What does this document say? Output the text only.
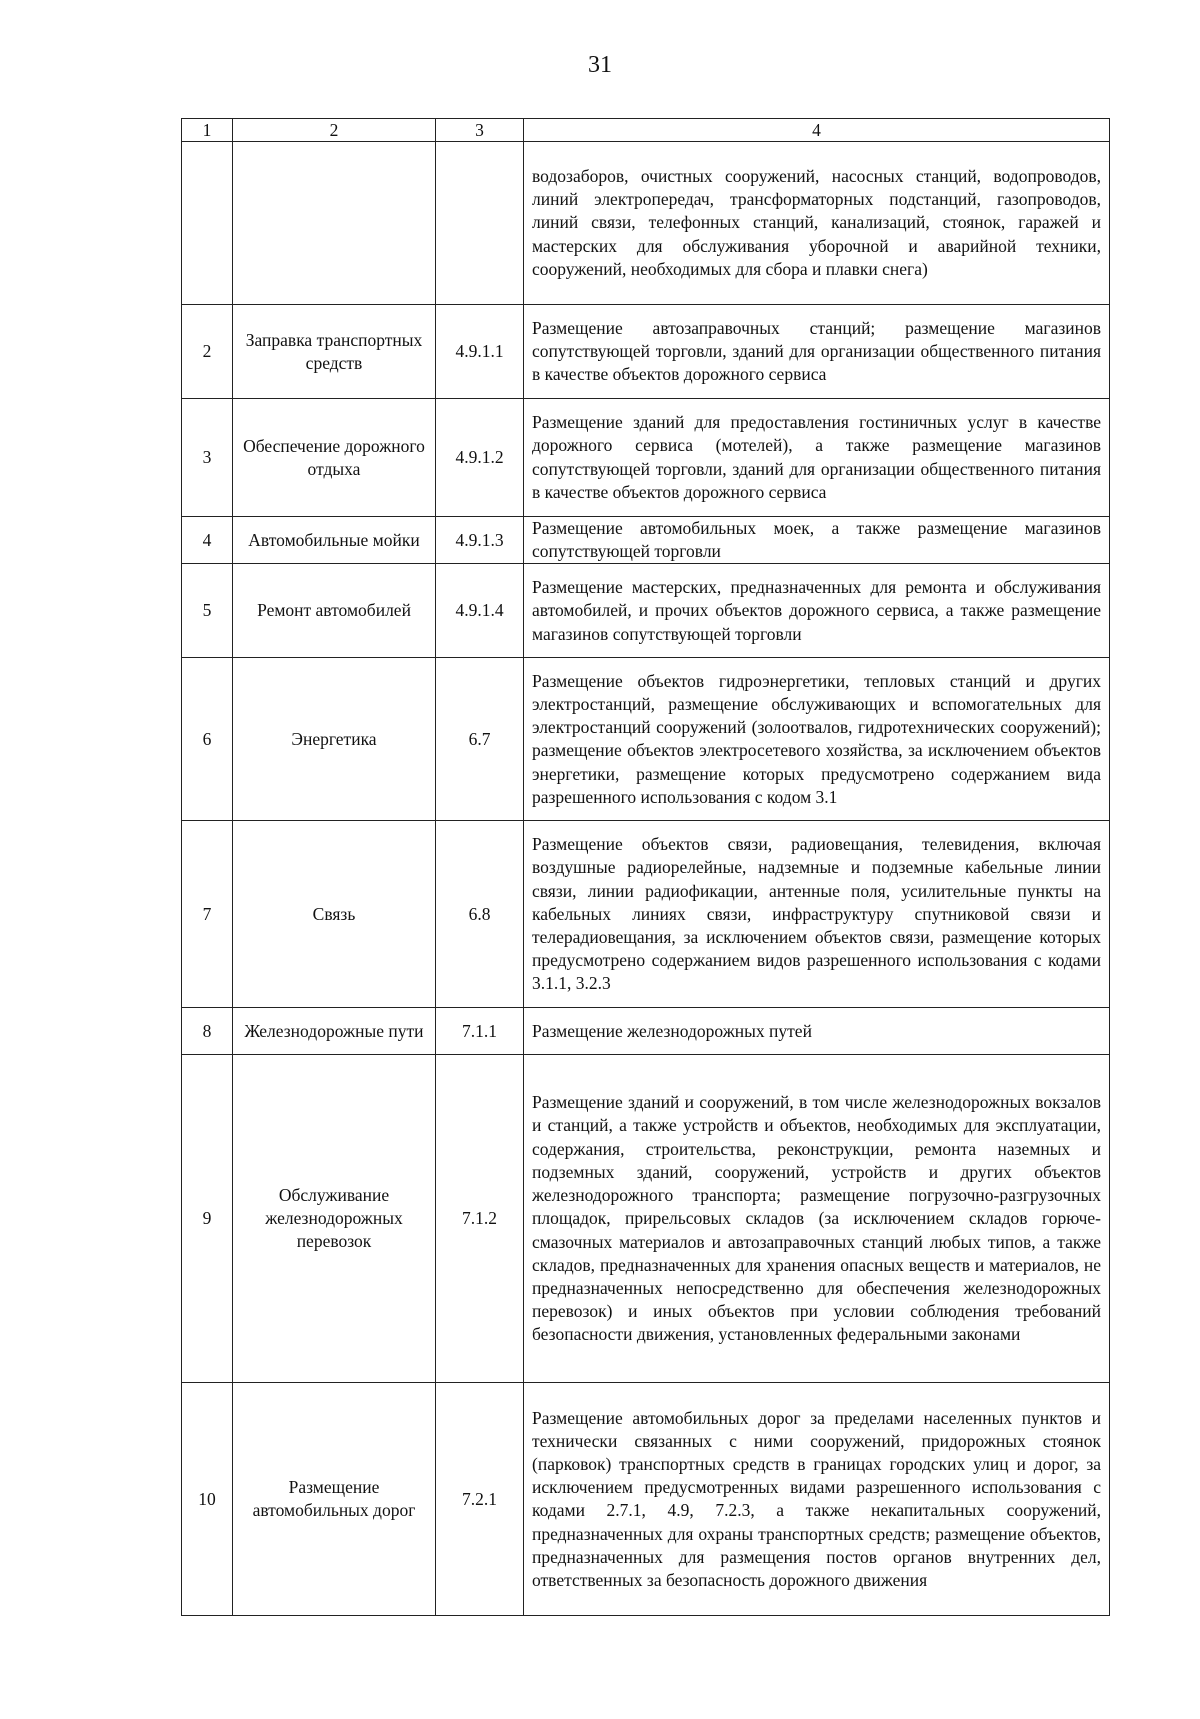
31
1	2	3	4
			водозаборов, очистных сооружений, насосных станций, водопроводов, линий электропередач, трансформаторных подстанций, газопроводов, линий связи, телефонных станций, канализаций, стоянок, гаражей и мастерских для обслуживания уборочной и аварийной техники, сооружений, необходимых для сбора и плавки снега)
2	Заправка транспортных средств	4.9.1.1	Размещение автозаправочных станций; размещение магазинов сопутствующей торговли, зданий для организации общественного питания в качестве объектов дорожного сервиса
3	Обеспечение дорожного отдыха	4.9.1.2	Размещение зданий для предоставления гостиничных услуг в качестве дорожного сервиса (мотелей), а также размещение магазинов сопутствующей торговли, зданий для организации общественного питания в качестве объектов дорожного сервиса
4	Автомобильные мойки	4.9.1.3	Размещение автомобильных моек, а также размещение магазинов сопутствующей торговли
5	Ремонт автомобилей	4.9.1.4	Размещение мастерских, предназначенных для ремонта и обслуживания автомобилей, и прочих объектов дорожного сервиса, а также размещение магазинов сопутствующей торговли
6	Энергетика	6.7	Размещение объектов гидроэнергетики, тепловых станций и других электростанций, размещение обслуживающих и вспомогательных для электростанций сооружений (золоотвалов, гидротехнических сооружений); размещение объектов электросетевого хозяйства, за исключением объектов энергетики, размещение которых предусмотрено содержанием вида разрешенного использования с кодом 3.1
7	Связь	6.8	Размещение объектов связи, радиовещания, телевидения, включая воздушные радиорелейные, надземные и подземные кабельные линии связи, линии радиофикации, антенные поля, усилительные пункты на кабельных линиях связи, инфраструктуру спутниковой связи и телерадиовещания, за исключением объектов связи, размещение которых предусмотрено содержанием видов разрешенного использования с кодами 3.1.1, 3.2.3
8	Железнодорожные пути	7.1.1	Размещение железнодорожных путей
9	Обслуживание железнодорожных перевозок	7.1.2	Размещение зданий и сооружений, в том числе железнодорожных вокзалов и станций, а также устройств и объектов, необходимых для эксплуатации, содержания, строительства, реконструкции, ремонта наземных и подземных зданий, сооружений, устройств и других объектов железнодорожного транспорта; размещение погрузочно-разгрузочных площадок, прирельсовых складов (за исключением складов горюче-смазочных материалов и автозаправочных станций любых типов, а также складов, предназначенных для хранения опасных веществ и материалов, не предназначенных непосредственно для обеспечения железнодорожных перевозок) и иных объектов при условии соблюдения требований безопасности движения, установленных федеральными законами
10	Размещение автомобильных дорог	7.2.1	Размещение автомобильных дорог за пределами населенных пунктов и технически связанных с ними сооружений, придорожных стоянок (парковок) транспортных средств в границах городских улиц и дорог, за исключением предусмотренных видами разрешенного использования с кодами 2.7.1, 4.9, 7.2.3, а также некапитальных сооружений, предназначенных для охраны транспортных средств; размещение объектов, предназначенных для размещения постов органов внутренних дел, ответственных за безопасность дорожного движения
